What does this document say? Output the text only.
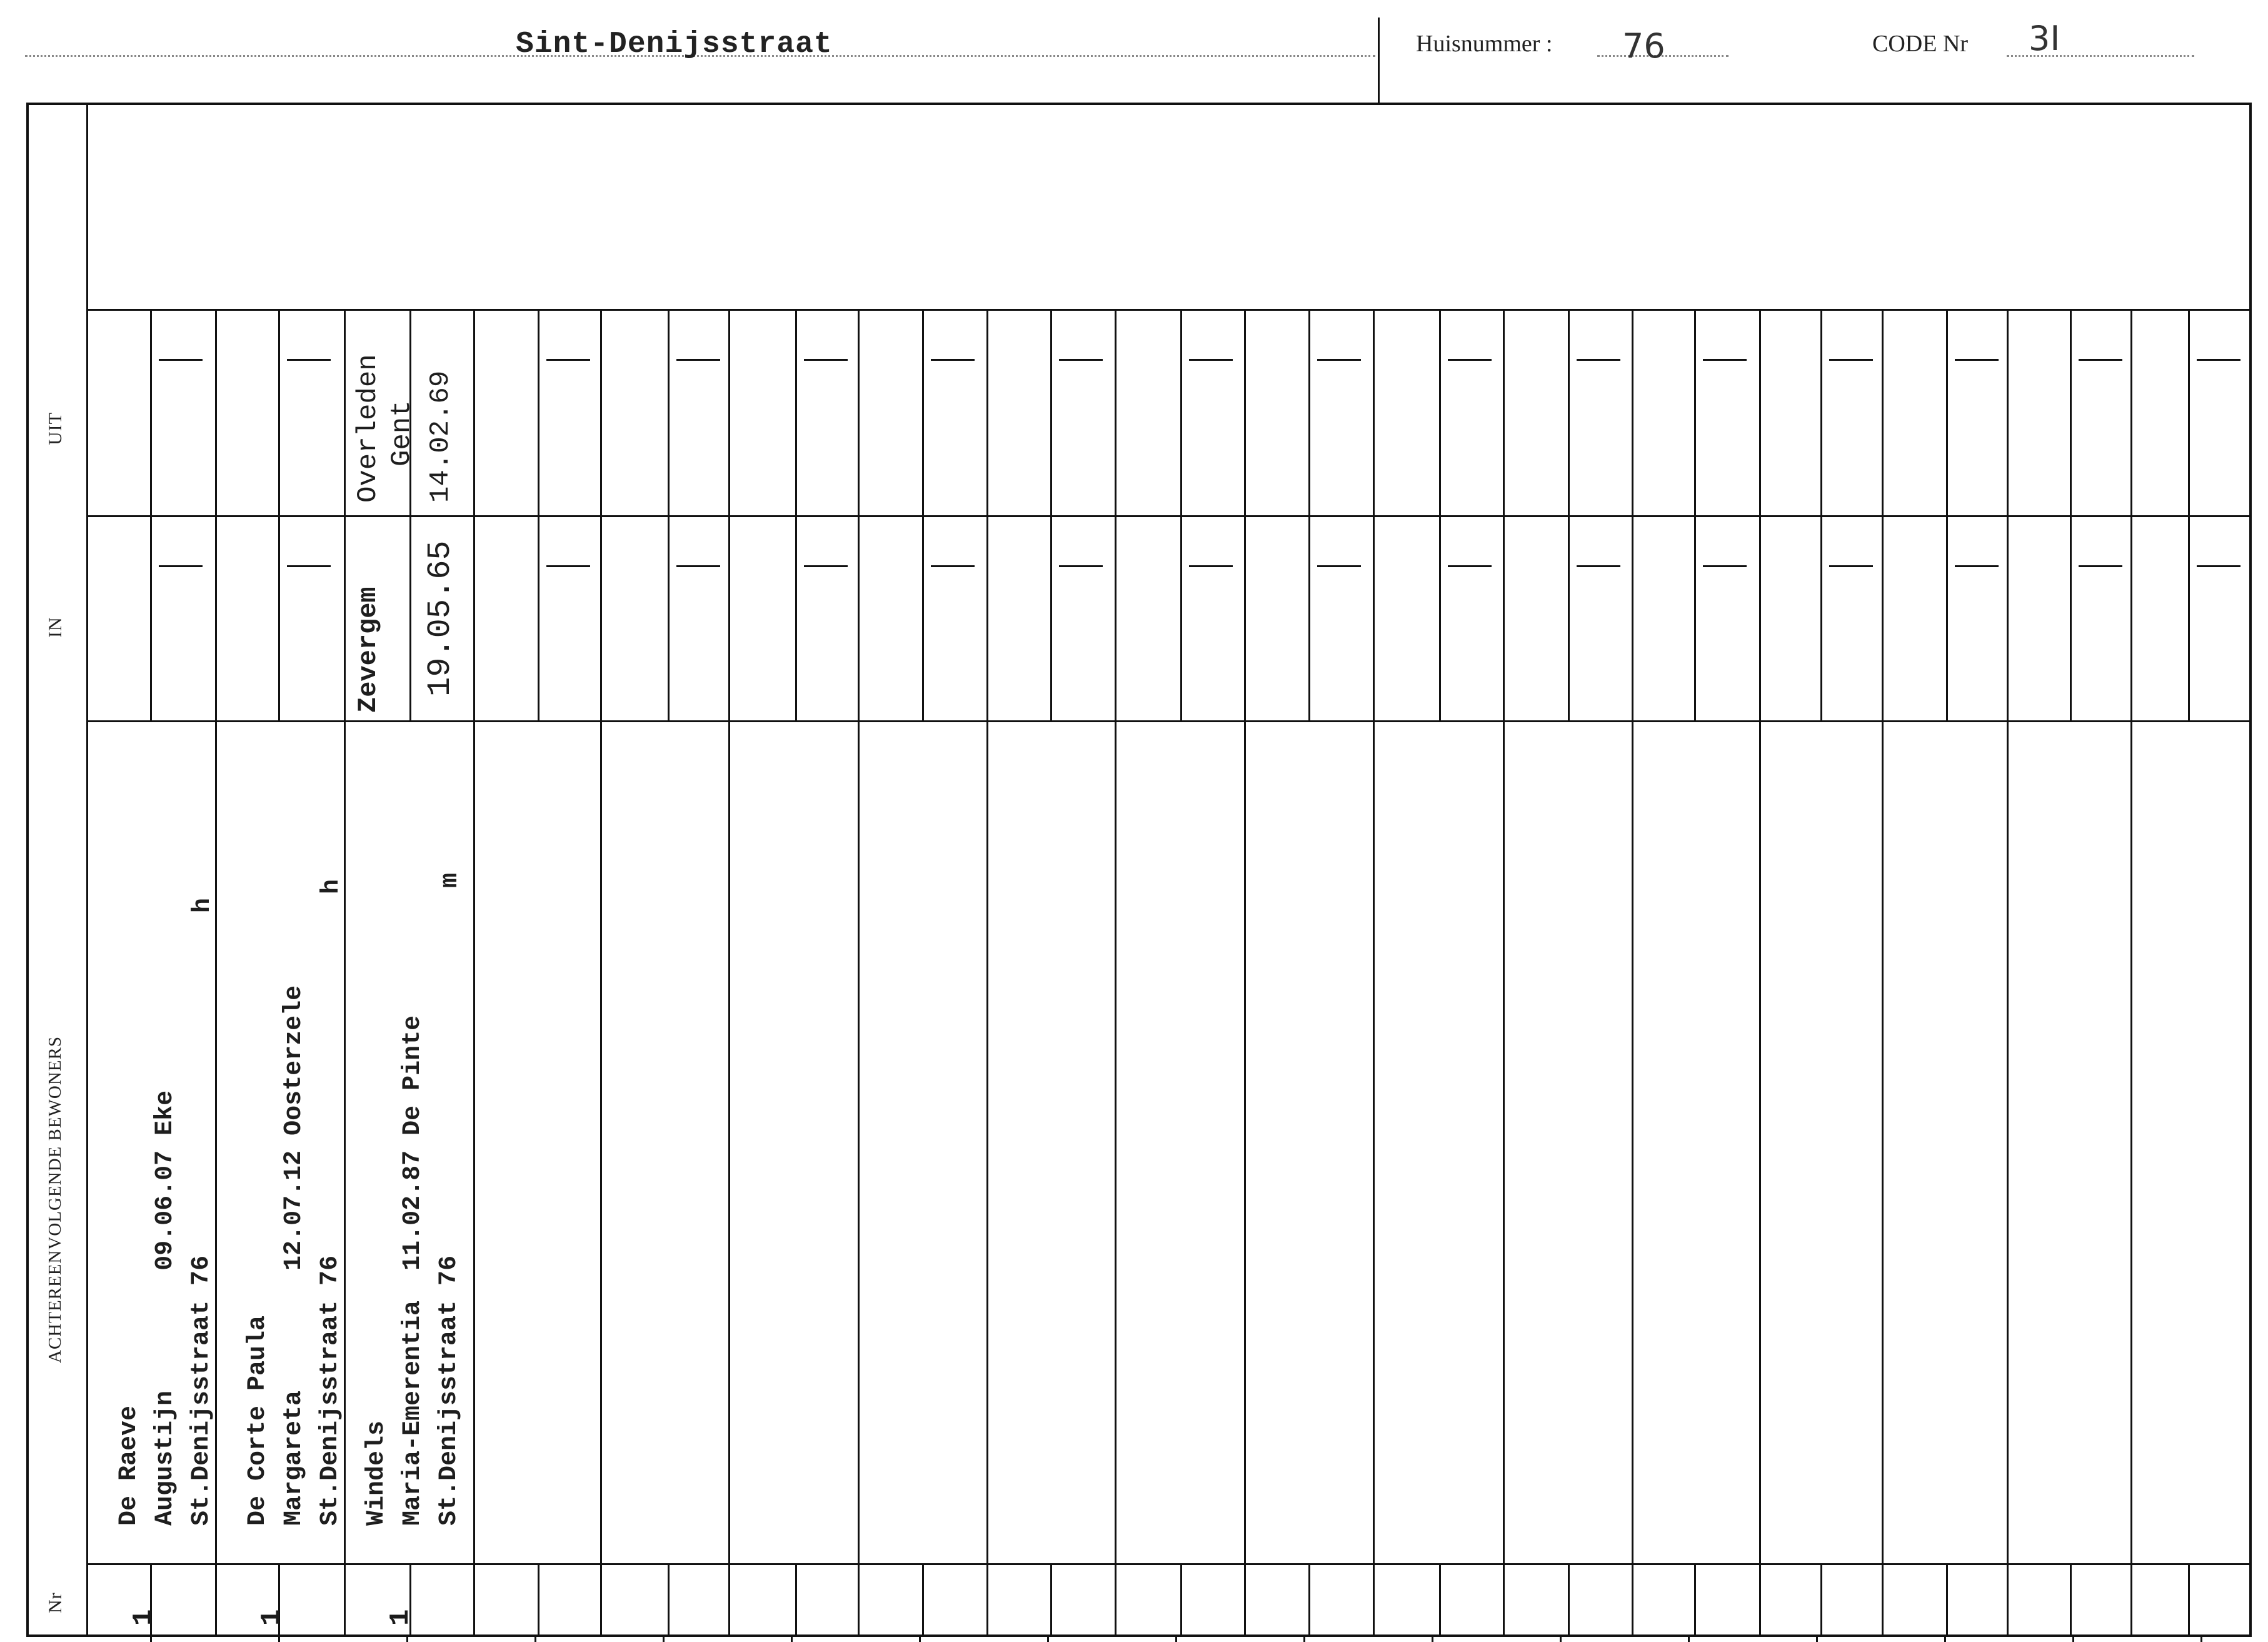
Sint-Denijsstraat	Huisnummer : 76	CODE Nr 3I
UIT
IN
ACHTEREENVOLGENDE BEWONERS
Nr
De Raeve Augustijn        09.06.07 Eke St.Denijsstraat 76
h
1
De Corte Paula Margareta        12.07.12 Oosterzele St.Denijsstraat 76
h
1
Windels Maria-Emerentia  11.02.87 De Pinte St.Denijsstraat 76
m
1
Zevergem 19.05.65
Overleden Gent 14.02.69
